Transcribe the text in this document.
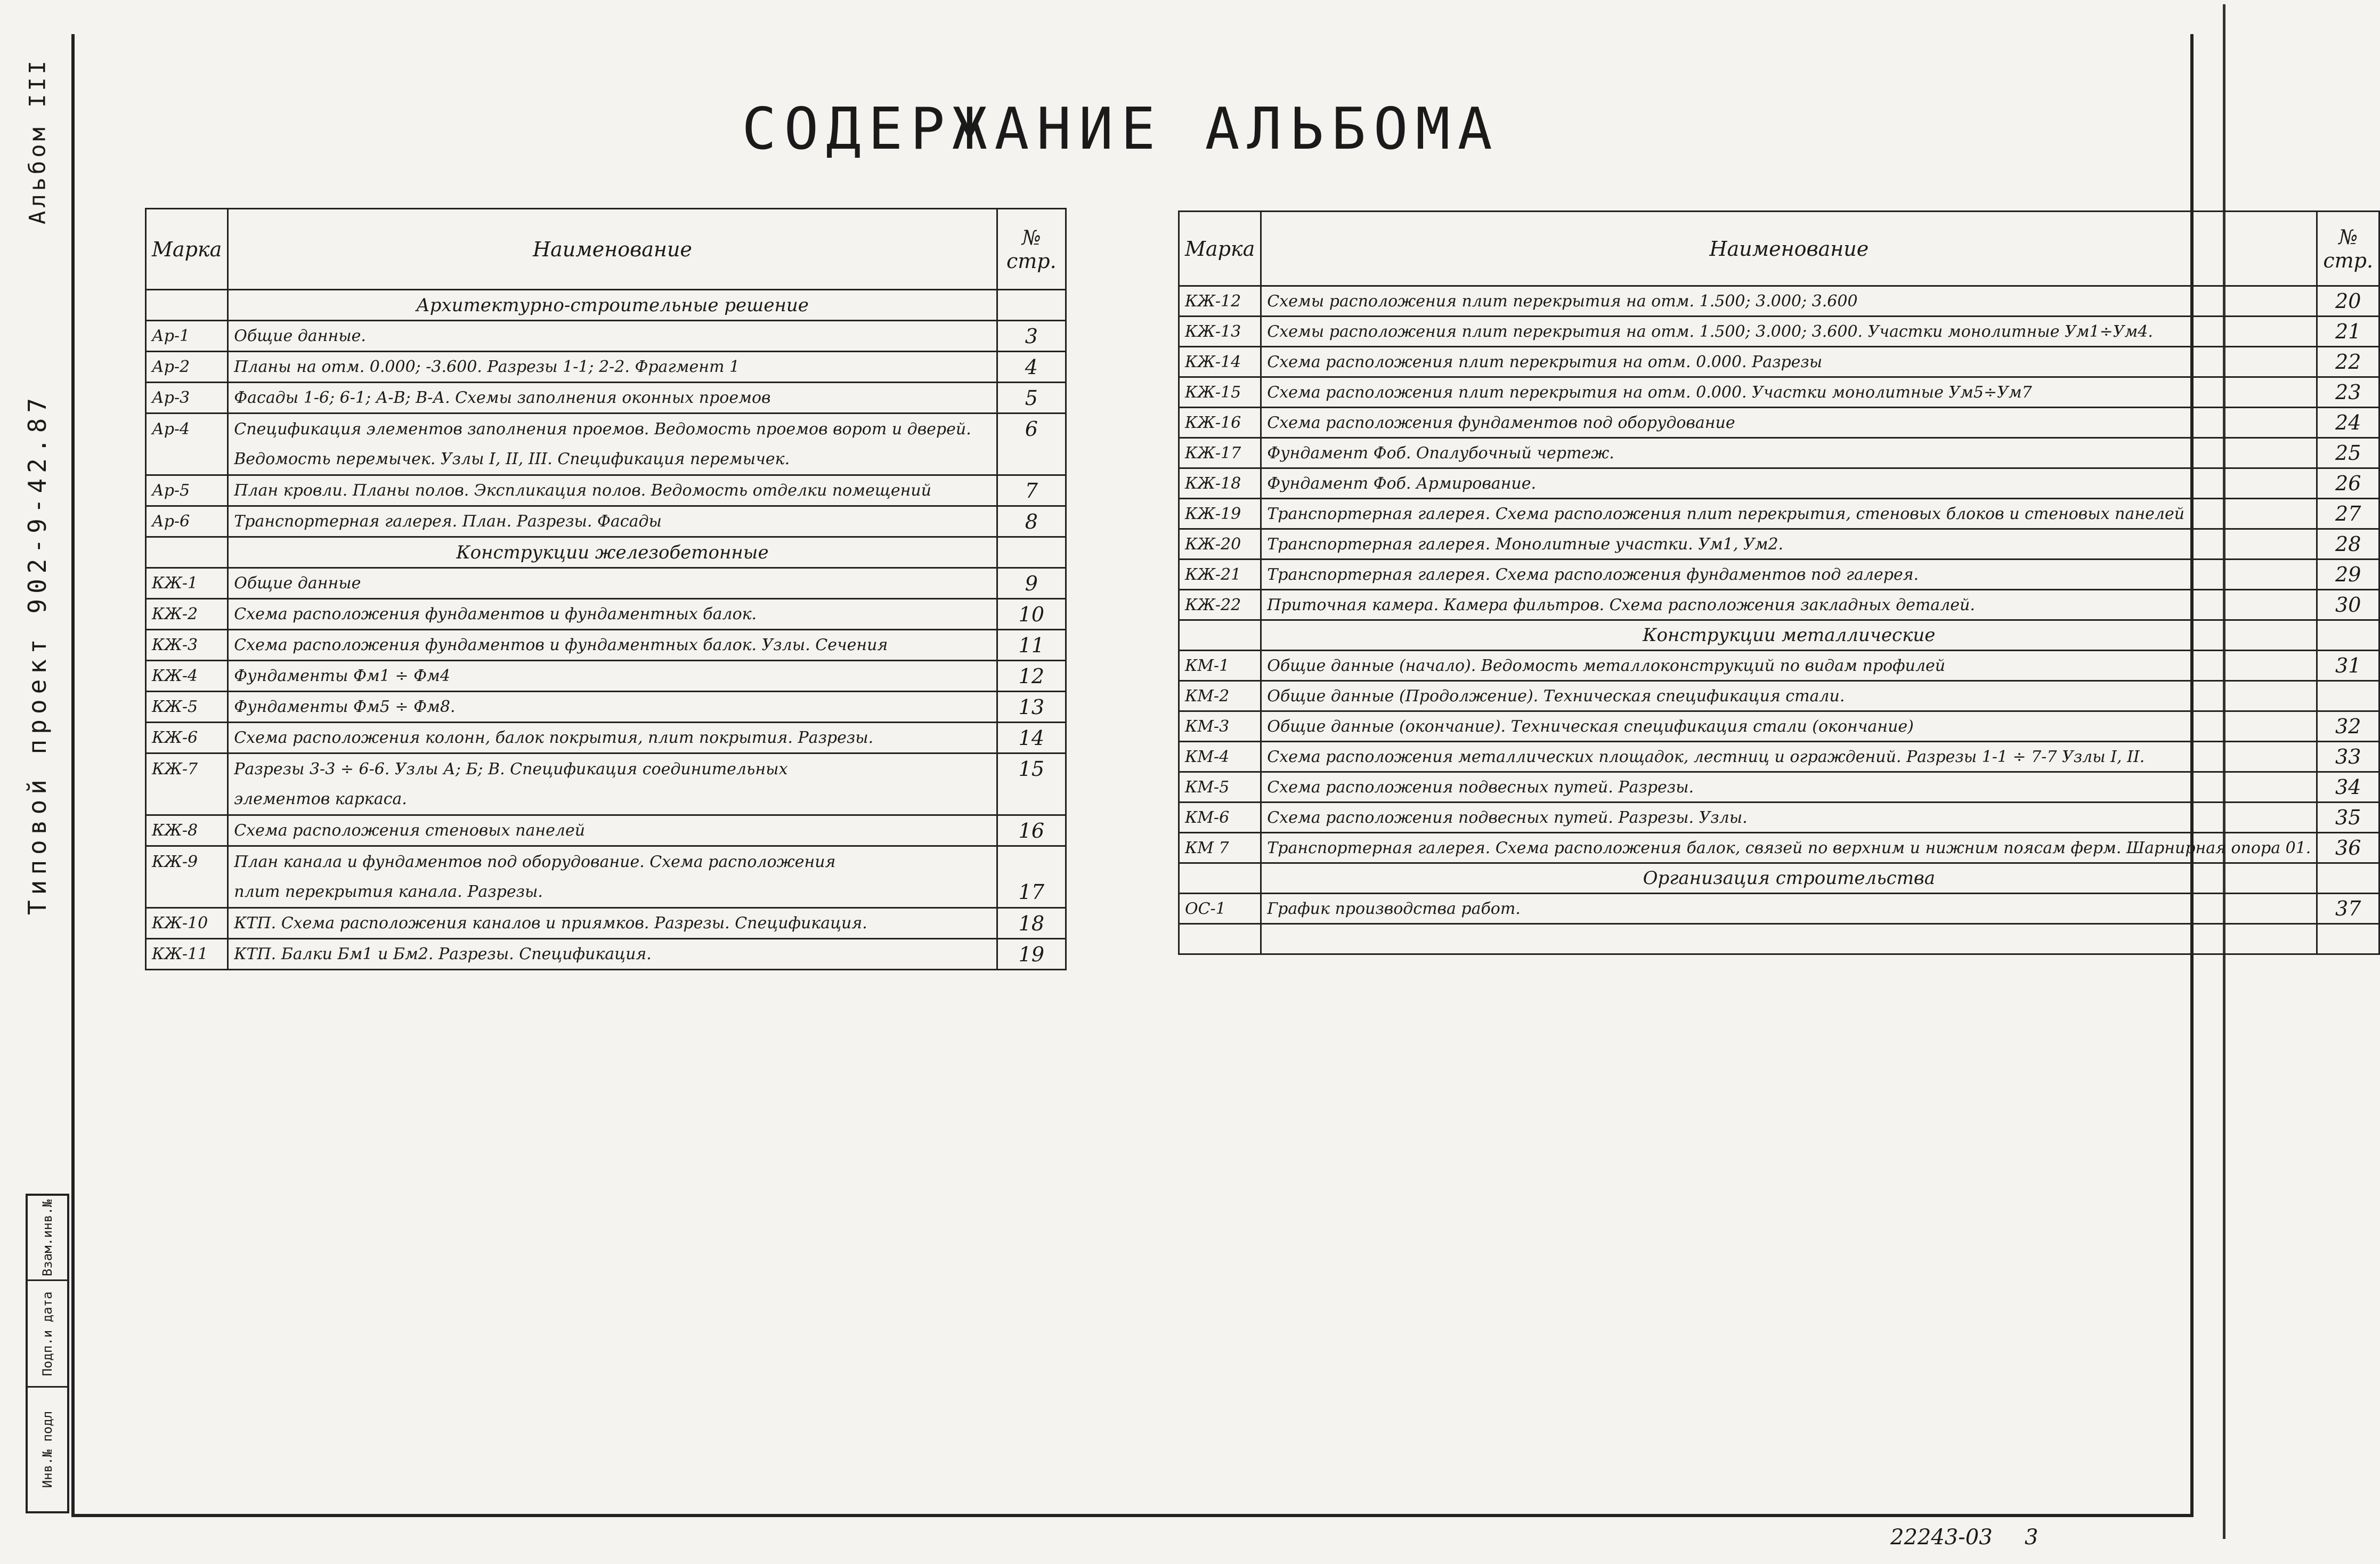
Альбом III
Типовой проект 902-9-42.87
Взам.инв.№
Подп.и дата
Инв.№ подл
СОДЕРЖАНИЕ АЛЬБОМА
Марка	Наименование	№
стр.

	Архитектурно-строительные решение	
Ар-1	Общие данные.	3
Ар-2	Планы на отм. 0.000; -3.600. Разрезы 1-1; 2-2. Фрагмент 1	4
Ар-3	Фасады 1-6; 6-1; А-В; В-А. Схемы заполнения оконных проемов	5
Ар-4	Спецификация элементов заполнения проемов. Ведомость проемов ворот и дверей.	6
	Ведомость перемычек. Узлы I, II, III. Спецификация перемычек.	
Ар-5	План кровли. Планы полов. Экспликация полов. Ведомость отделки помещений	7
Ар-6	Транспортерная галерея. План. Разрезы. Фасады	8
	Конструкции железобетонные	
КЖ-1	Общие данные	9
КЖ-2	Схема расположения фундаментов и фундаментных балок.	10
КЖ-3	Схема расположения фундаментов и фундаментных балок. Узлы. Сечения	11
КЖ-4	Фундаменты Фм1 ÷ Фм4	12
КЖ-5	Фундаменты Фм5 ÷ Фм8.	13
КЖ-6	Схема расположения колонн, балок покрытия, плит покрытия. Разрезы.	14
КЖ-7	Разрезы 3-3 ÷ 6-6. Узлы А; Б; В. Спецификация соединительных	15
	элементов каркаса.	
КЖ-8	Схема расположения стеновых панелей	16
КЖ-9	План канала и фундаментов под оборудование. Схема расположения	
	плит перекрытия канала. Разрезы.	17
КЖ-10	КТП. Схема расположения каналов и приямков. Разрезы. Спецификация.	18
КЖ-11	КТП. Балки Бм1 и Бм2. Разрезы. Спецификация.	19
Марка	Наименование	№
стр.

КЖ-12	Схемы расположения плит перекрытия на отм. 1.500; 3.000; 3.600	20
КЖ-13	Схемы расположения плит перекрытия на отм. 1.500; 3.000; 3.600. Участки монолитные Ум1÷Ум4.	21
КЖ-14	Схема расположения плит перекрытия на отм. 0.000. Разрезы	22
КЖ-15	Схема расположения плит перекрытия на отм. 0.000. Участки монолитные Ум5÷Ум7	23
КЖ-16	Схема расположения фундаментов под оборудование	24
КЖ-17	Фундамент Фоб. Опалубочный чертеж.	25
КЖ-18	Фундамент Фоб. Армирование.	26
КЖ-19	Транспортерная галерея. Схема расположения плит перекрытия, стеновых блоков и стеновых панелей	27
КЖ-20	Транспортерная галерея. Монолитные участки. Ум1, Ум2.	28
КЖ-21	Транспортерная галерея. Схема расположения фундаментов под галерея.	29
КЖ-22	Приточная камера. Камера фильтров. Схема расположения закладных деталей.	30
	Конструкции металлические	
КМ-1	Общие данные (начало). Ведомость металлоконструкций по видам профилей	31
КМ-2	Общие данные (Продолжение). Техническая спецификация стали.	
КМ-3	Общие данные (окончание). Техническая спецификация стали (окончание)	32
КМ-4	Схема расположения металлических площадок, лестниц и ограждений. Разрезы 1-1 ÷ 7-7 Узлы I, II.	33
КМ-5	Схема расположения подвесных путей. Разрезы.	34
КМ-6	Схема расположения подвесных путей. Разрезы. Узлы.	35
КМ 7	Транспортерная галерея. Схема расположения балок, связей по верхним и нижним поясам ферм. Шарнирная опора 01.	36
	Организация строительства	
ОС-1	График производства работ.	37

22243-03 3
